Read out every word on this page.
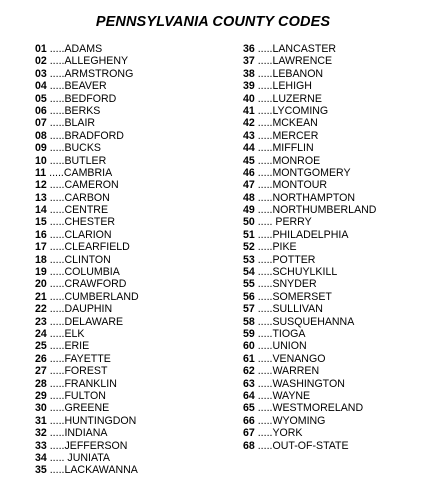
PENNSYLVANIA COUNTY CODES
01 .....ADAMS
02 .....ALLEGHENY
03 .....ARMSTRONG
04 .....BEAVER
05 .....BEDFORD
06 .....BERKS
07 .....BLAIR
08 .....BRADFORD
09 .....BUCKS
10 .....BUTLER
11 .....CAMBRIA
12 .....CAMERON
13 .....CARBON
14 .....CENTRE
15 .....CHESTER
16 .....CLARION
17 .....CLEARFIELD
18 .....CLINTON
19 .....COLUMBIA
20 .....CRAWFORD
21 .....CUMBERLAND
22 .....DAUPHIN
23 .....DELAWARE
24 .....ELK
25 .....ERIE
26 .....FAYETTE
27 .....FOREST
28 .....FRANKLIN
29 .....FULTON
30 .....GREENE
31 .....HUNTINGDON
32 .....INDIANA
33 .....JEFFERSON
34 ..... JUNIATA
35 .....LACKAWANNA
36 .....LANCASTER
37 .....LAWRENCE
38 .....LEBANON
39 .....LEHIGH
40 .....LUZERNE
41 .....LYCOMING
42 .....MCKEAN
43 .....MERCER
44 .....MIFFLIN
45 .....MONROE
46 .....MONTGOMERY
47 .....MONTOUR
48 .....NORTHAMPTON
49 .....NORTHUMBERLAND
50 ..... PERRY
51 .....PHILADELPHIA
52 .....PIKE
53 .....POTTER
54 .....SCHUYLKILL
55 .....SNYDER
56 .....SOMERSET
57 .....SULLIVAN
58 .....SUSQUEHANNA
59 .....TIOGA
60 .....UNION
61 .....VENANGO
62 .....WARREN
63 .....WASHINGTON
64 .....WAYNE
65 .....WESTMORELAND
66 .....WYOMING
67 .....YORK
68 .....OUT-OF-STATE
